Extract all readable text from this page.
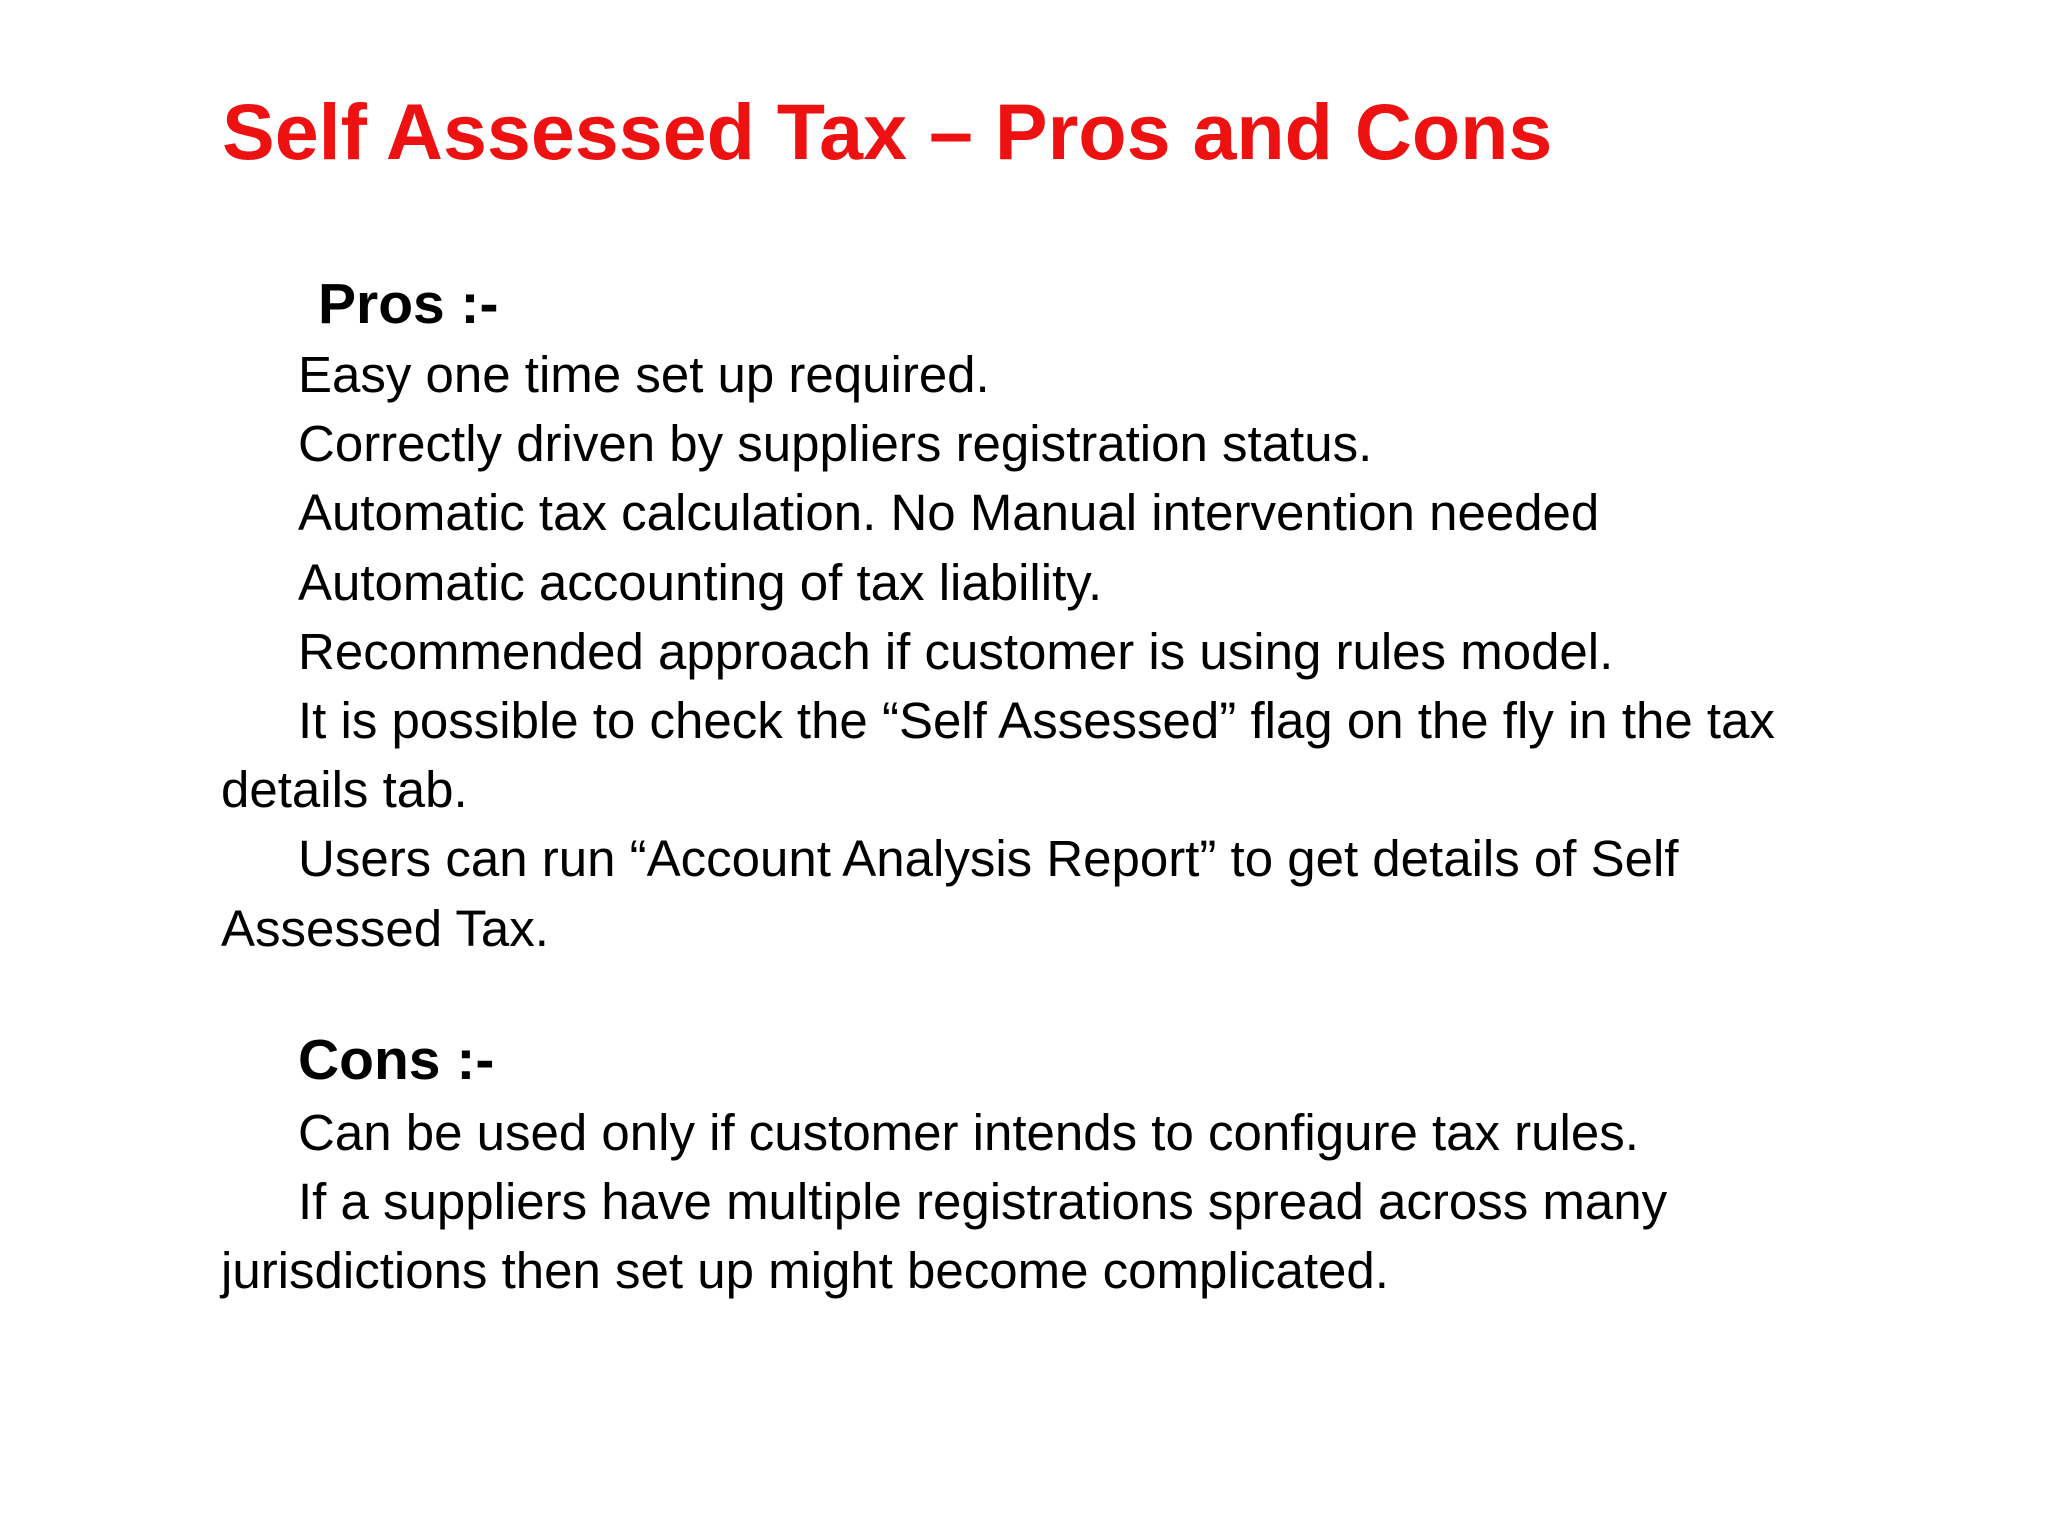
Self Assessed Tax – Pros and Cons
Pros :-
Easy one time set up required.
Correctly driven by suppliers registration status.
Automatic tax calculation. No Manual intervention needed
Automatic accounting of tax liability.
Recommended approach if customer is using rules model.
It is possible to check the “Self Assessed” flag on the fly in the tax details tab.
Users can run “Account Analysis Report” to get details of Self Assessed Tax.
Cons :-
Can be used only if customer intends to configure tax rules.
If a suppliers have multiple registrations spread across many jurisdictions then set up might become complicated.
